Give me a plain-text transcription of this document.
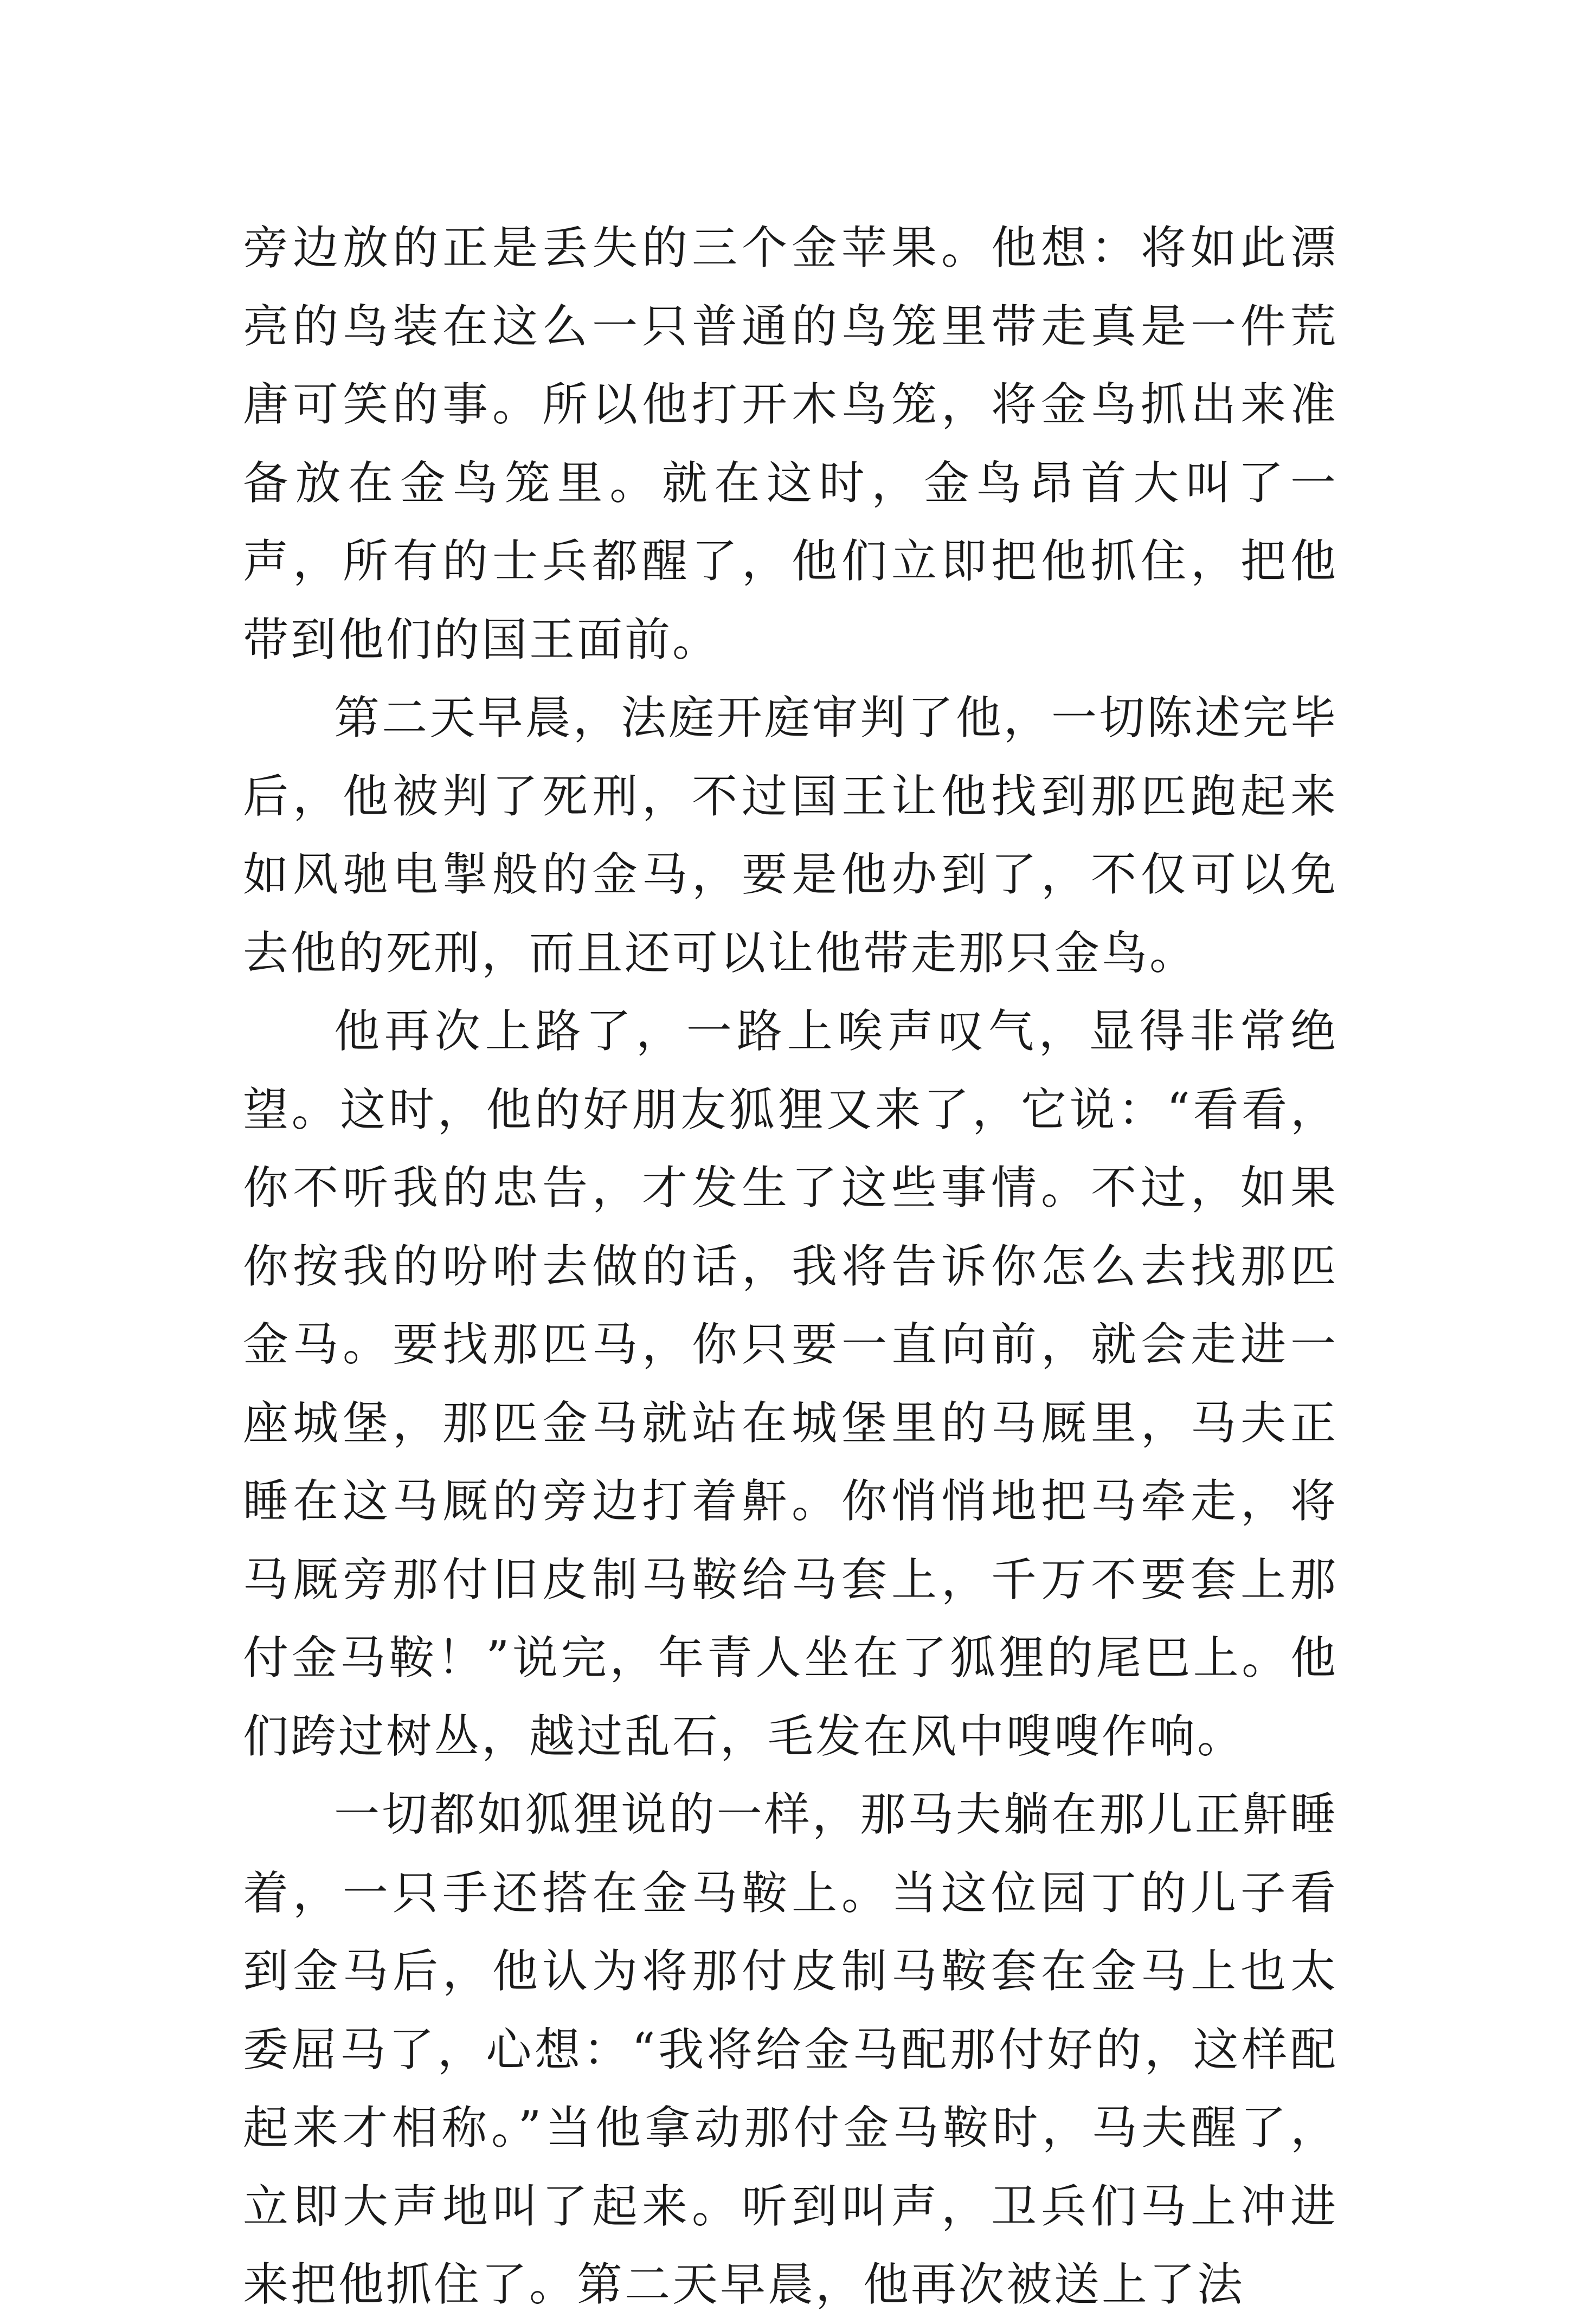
旁边放的正是丢失的三个金苹果。他想：将如此漂亮的鸟装在这么一只普通的鸟笼里带走真是一件荒唐可笑的事。所以他打开木鸟笼，将金鸟抓出来准备放在金鸟笼里。就在这时，金鸟昂首大叫了一声，所有的士兵都醒了，他们立即把他抓住，把他带到他们的国王面前。

第二天早晨，法庭开庭审判了他，一切陈述完毕后，他被判了死刑，不过国王让他找到那匹跑起来如风驰电掣般的金马，要是他办到了，不仅可以免去他的死刑，而且还可以让他带走那只金鸟。

他再次上路了，一路上唉声叹气，显得非常绝望。这时，他的好朋友狐狸又来了，它说：“看看，你不听我的忠告，才发生了这些事情。不过，如果你按我的吩咐去做的话，我将告诉你怎么去找那匹金马。要找那匹马，你只要一直向前，就会走进一座城堡，那匹金马就站在城堡里的马厩里，马夫正睡在这马厩的旁边打着鼾。你悄悄地把马牵走，将马厩旁那付旧皮制马鞍给马套上，千万不要套上那付金马鞍！”说完，年青人坐在了狐狸的尾巴上。他们跨过树丛，越过乱石，毛发在风中嗖嗖作响。

一切都如狐狸说的一样，那马夫躺在那儿正鼾睡着，一只手还搭在金马鞍上。当这位园丁的儿子看到金马后，他认为将那付皮制马鞍套在金马上也太委屈马了，心想：“我将给金马配那付好的，这样配起来才相称。”当他拿动那付金马鞍时，马夫醒了，立即大声地叫了起来。听到叫声，卫兵们马上冲进来把他抓住了。第二天早晨，他再次被送上了法
